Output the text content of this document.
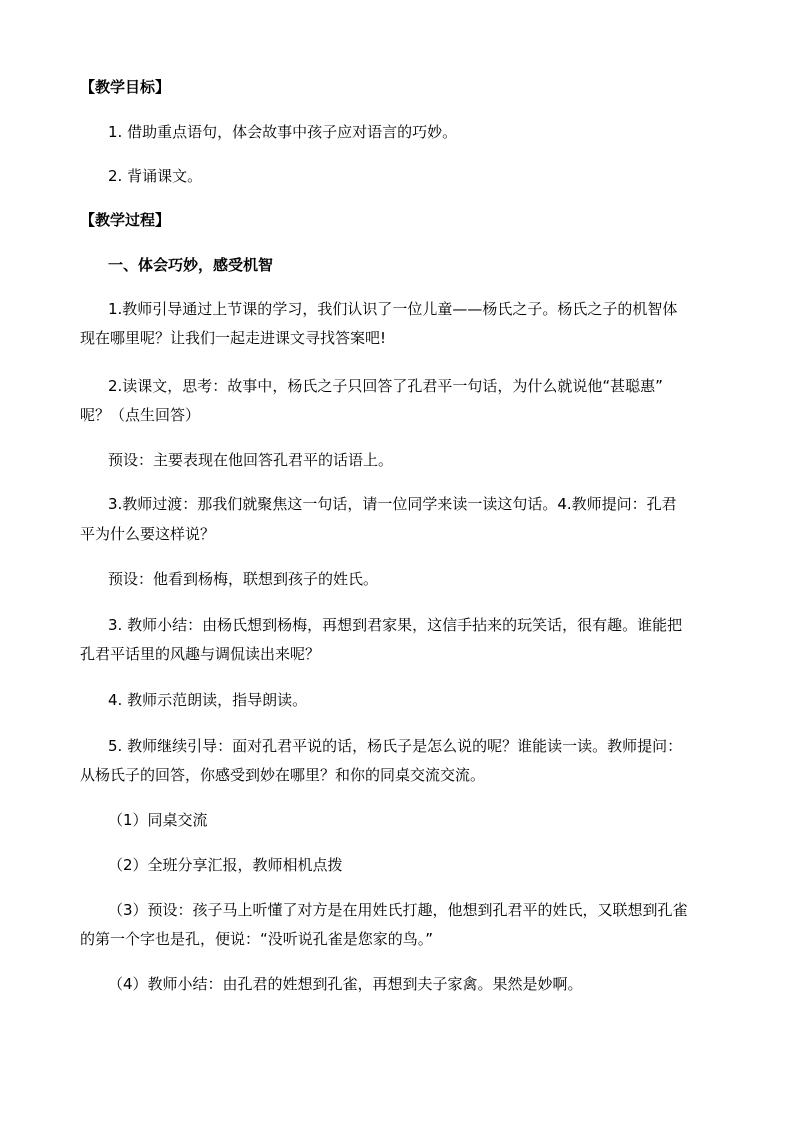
【教学目标】

1. 借助重点语句，体会故事中孩子应对语言的巧妙。

2. 背诵课文。

【教学过程】

一、体会巧妙，感受机智

1.教师引导通过上节课的学习，我们认识了一位儿童——杨氏之子。杨氏之子的机智体

现在哪里呢？让我们一起走进课文寻找答案吧!

2.读课文，思考：故事中，杨氏之子只回答了孔君平一句话，为什么就说他“甚聪惠”

呢？（点生回答）

预设：主要表现在他回答孔君平的话语上。

3.教师过渡：那我们就聚焦这一句话，请一位同学来读一读这句话。4.教师提问：孔君

平为什么要这样说？

预设：他看到杨梅，联想到孩子的姓氏。

3. 教师小结：由杨氏想到杨梅，再想到君家果，这信手拈来的玩笑话，很有趣。谁能把

孔君平话里的风趣与调侃读出来呢？

4. 教师示范朗读，指导朗读。

5. 教师继续引导：面对孔君平说的话，杨氏子是怎么说的呢？谁能读一读。教师提问：

从杨氏子的回答，你感受到妙在哪里？和你的同桌交流交流。

（1）同桌交流

（2）全班分享汇报，教师相机点拨

（3）预设：孩子马上听懂了对方是在用姓氏打趣，他想到孔君平的姓氏，又联想到孔雀

的第一个字也是孔，便说：“没听说孔雀是您家的鸟。”

（4）教师小结：由孔君的姓想到孔雀，再想到夫子家禽。果然是妙啊。
